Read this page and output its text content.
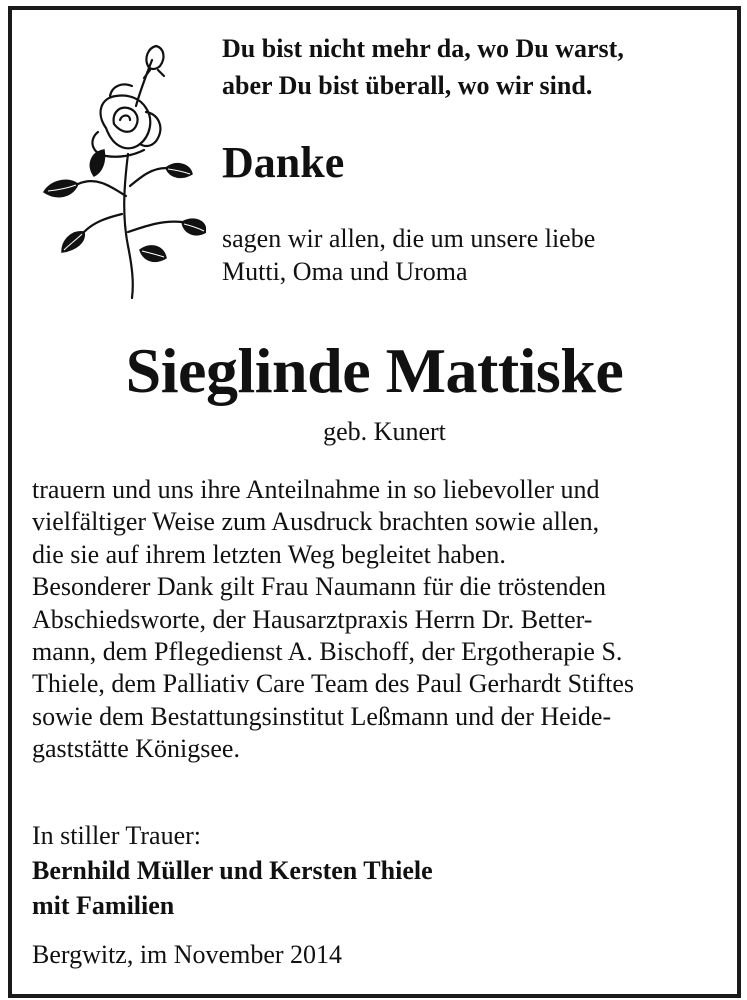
Du bist nicht mehr da, wo Du warst,
aber Du bist überall, wo wir sind.
Danke
sagen wir allen, die um unsere liebe
Mutti, Oma und Uroma
Sieglinde Mattiske
geb. Kunert
trauern und uns ihre Anteilnahme in so liebevoller und
vielfältiger Weise zum Ausdruck brachten sowie allen,
die sie auf ihrem letzten Weg begleitet haben.
Besonderer Dank gilt Frau Naumann für die tröstenden
Abschiedsworte, der Hausarztpraxis Herrn Dr. Better-
mann, dem Pflegedienst A. Bischoff, der Ergotherapie S.
Thiele, dem Palliativ Care Team des Paul Gerhardt Stiftes
sowie dem Bestattungsinstitut Leßmann und der Heide-
gaststätte Königsee.
In stiller Trauer:
Bernhild Müller und Kersten Thiele
mit Familien
Bergwitz, im November 2014
